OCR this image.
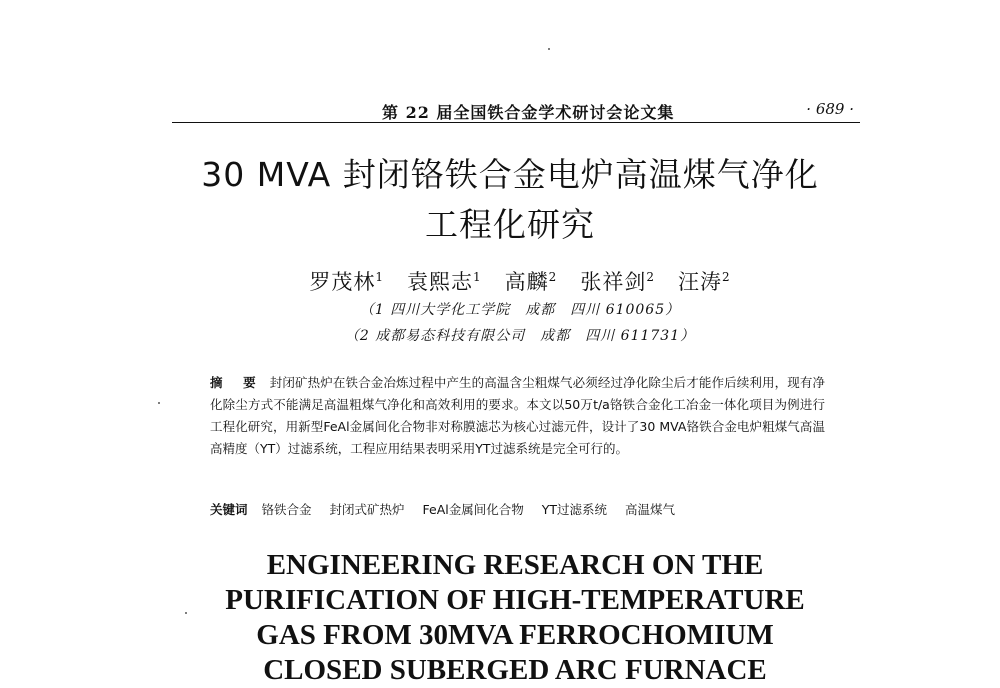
第 22 届全国铁合金学术研讨会论文集	· 689 ·
30 MVA 封闭铬铁合金电炉高温煤气净化
工程化研究
罗茂林$^1$ 袁熙志$^1$ 高麟$^2$ 张祥剑$^2$ 汪涛$^2$
（1 四川大学化工学院　成都　四川 610065）
（2 成都易态科技有限公司　成都　四川 611731）
摘 要 封闭矿热炉在铁合金冶炼过程中产生的高温含尘粗煤气必须经过净化除尘后才能作后续利用，现有净化除尘方式不能满足高温粗煤气净化和高效利用的要求。本文以50万t/a铬铁合金化工冶金一体化项目为例进行工程化研究，用新型FeAl金属间化合物非对称膜滤芯为核心过滤元件，设计了30 MVA铬铁合金电炉粗煤气高温高精度（YT）过滤系统，工程应用结果表明采用YT过滤系统是完全可行的。
关键词 铬铁合金 封闭式矿热炉 FeAl金属间化合物 YT过滤系统 高温煤气
ENGINEERING RESEARCH ON THE
PURIFICATION OF HIGH-TEMPERATURE
GAS FROM 30MVA FERROCHOMIUM
CLOSED SUBERGED ARC FURNACE
